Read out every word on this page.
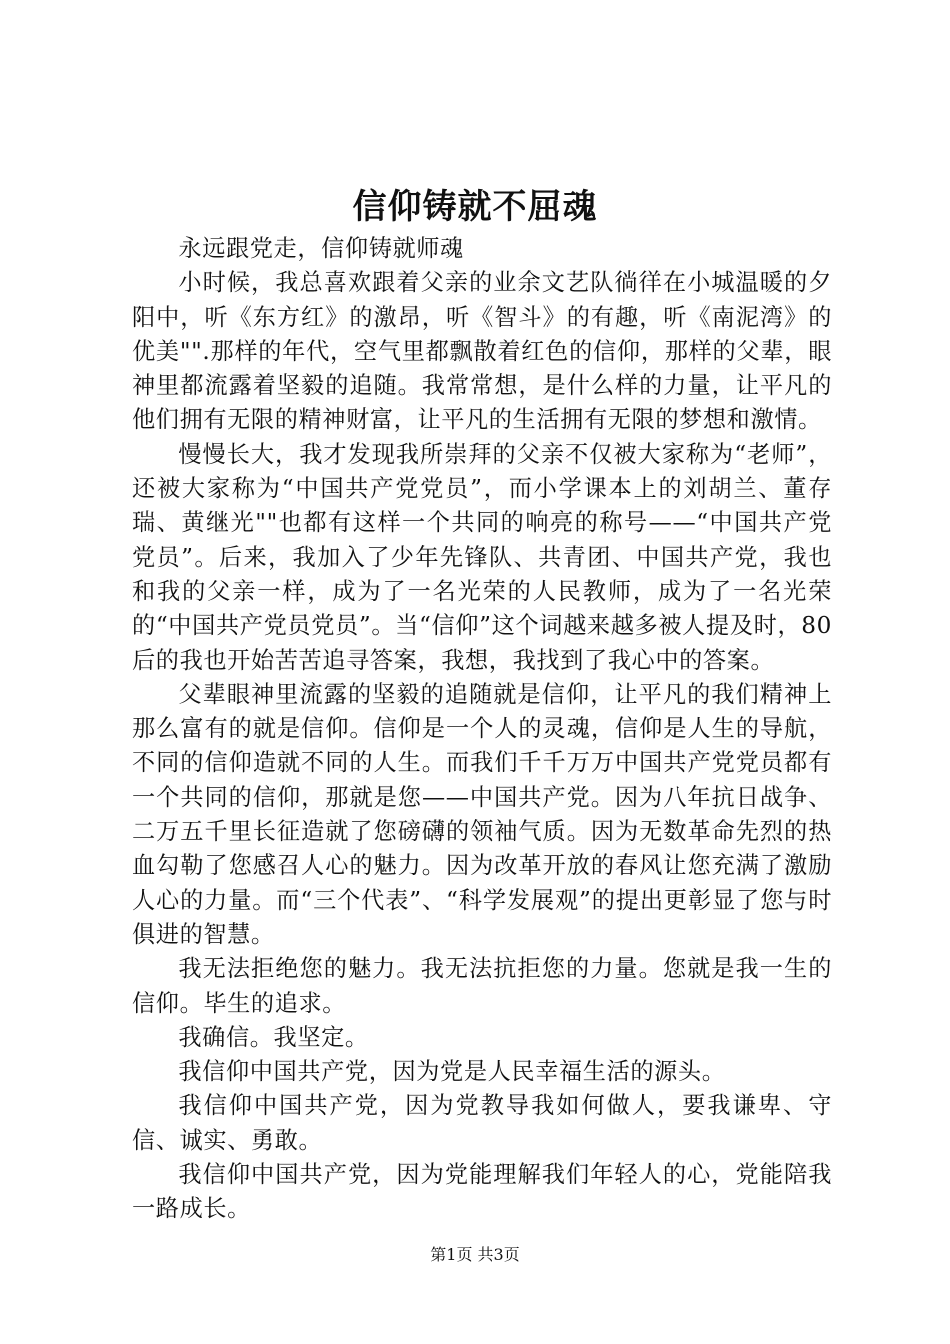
信仰铸就不屈魂

永远跟党走，信仰铸就师魂

小时候，我总喜欢跟着父亲的业余文艺队徜徉在小城温暖的夕阳中，听《东方红》的激昂，听《智斗》的有趣，听《南泥湾》的优美"".那样的年代，空气里都飘散着红色的信仰，那样的父辈，眼神里都流露着坚毅的追随。我常常想，是什么样的力量，让平凡的他们拥有无限的精神财富，让平凡的生活拥有无限的梦想和激情。

慢慢长大，我才发现我所崇拜的父亲不仅被大家称为“老师”，还被大家称为“中国共产党党员”，而小学课本上的刘胡兰、董存瑞、黄继光""也都有这样一个共同的响亮的称号——“中国共产党党员”。后来，我加入了少年先锋队、共青团、中国共产党，我也和我的父亲一样，成为了一名光荣的人民教师，成为了一名光荣的“中国共产党员党员”。当“信仰”这个词越来越多被人提及时，80后的我也开始苦苦追寻答案，我想，我找到了我心中的答案。

父辈眼神里流露的坚毅的追随就是信仰，让平凡的我们精神上那么富有的就是信仰。信仰是一个人的灵魂，信仰是人生的导航，不同的信仰造就不同的人生。而我们千千万万中国共产党党员都有一个共同的信仰，那就是您——中国共产党。因为八年抗日战争、二万五千里长征造就了您磅礴的领袖气质。因为无数革命先烈的热血勾勒了您感召人心的魅力。因为改革开放的春风让您充满了激励人心的力量。而“三个代表”、“科学发展观”的提出更彰显了您与时俱进的智慧。

我无法拒绝您的魅力。我无法抗拒您的力量。您就是我一生的信仰。毕生的追求。

我确信。我坚定。

我信仰中国共产党，因为党是人民幸福生活的源头。

我信仰中国共产党，因为党教导我如何做人，要我谦卑、守信、诚实、勇敢。

我信仰中国共产党，因为党能理解我们年轻人的心，党能陪我一路成长。

第1页 共3页
